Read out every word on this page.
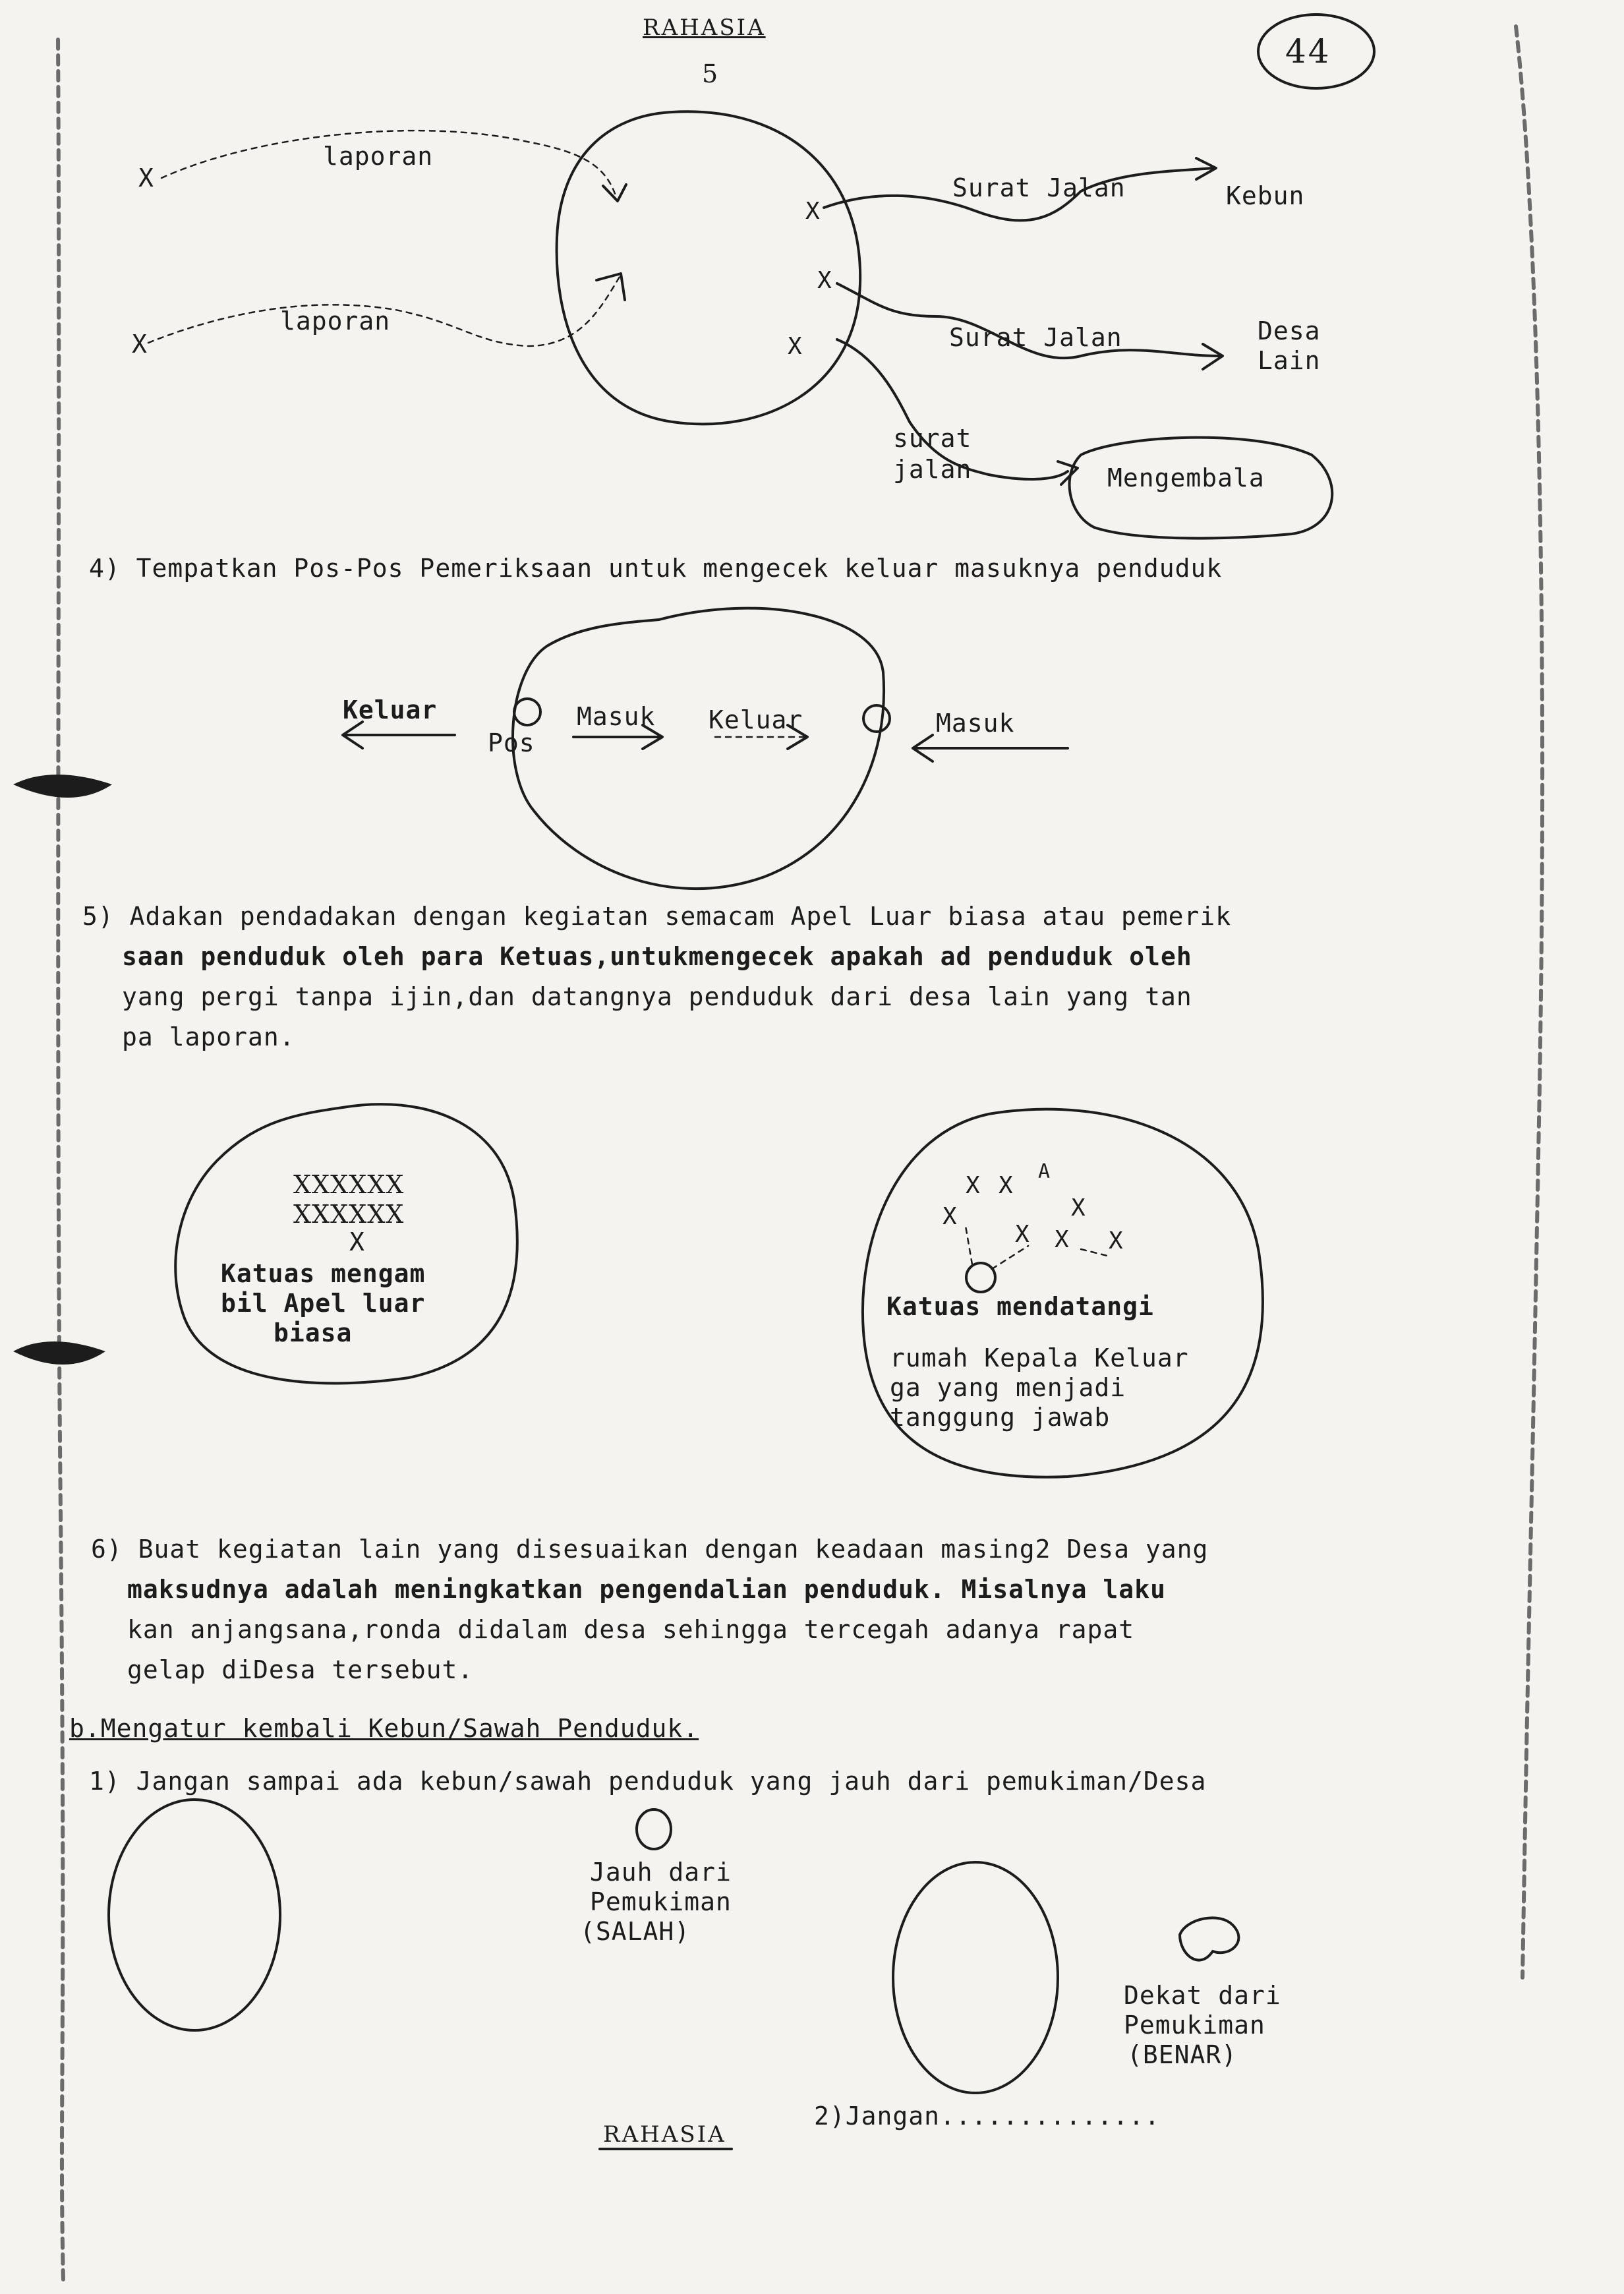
RAHASIA
5
44
X
X
laporan
laporan
X
X
X
Surat Jalan	Kebun
Surat Jalan	Desa
Lain
surat
jalan	Mengembala
4) Tempatkan Pos-Pos Pemeriksaan untuk mengecek keluar masuknya penduduk
Keluar
Pos
Masuk Keluar	Masuk
5) Adakan pendadakan dengan kegiatan semacam Apel Luar biasa atau pemerik
saan penduduk oleh para Ketuas,untukmengecek apakah ad penduduk oleh
yang pergi tanpa ijin,dan datangnya penduduk dari desa lain yang tan
pa laporan.
XXXXXX
XXXXXX
X
Katuas mengam
bil Apel luar
biasa
X X
A
X	X
X X X
Katuas mendatangi
rumah Kepala Keluar
ga yang menjadi
tanggung jawab
6) Buat kegiatan lain yang disesuaikan dengan keadaan masing2 Desa yang
maksudnya adalah meningkatkan pengendalian penduduk. Misalnya laku
kan anjangsana,ronda didalam desa sehingga tercegah adanya rapat
gelap diDesa tersebut.
b.Mengatur kembali Kebun/Sawah Penduduk.
1) Jangan sampai ada kebun/sawah penduduk yang jauh dari pemukiman/Desa
Jauh dari
Pemukiman
(SALAH)
Dekat dari
Pemukiman
(BENAR)
2)Jangan..............
RAHASIA
